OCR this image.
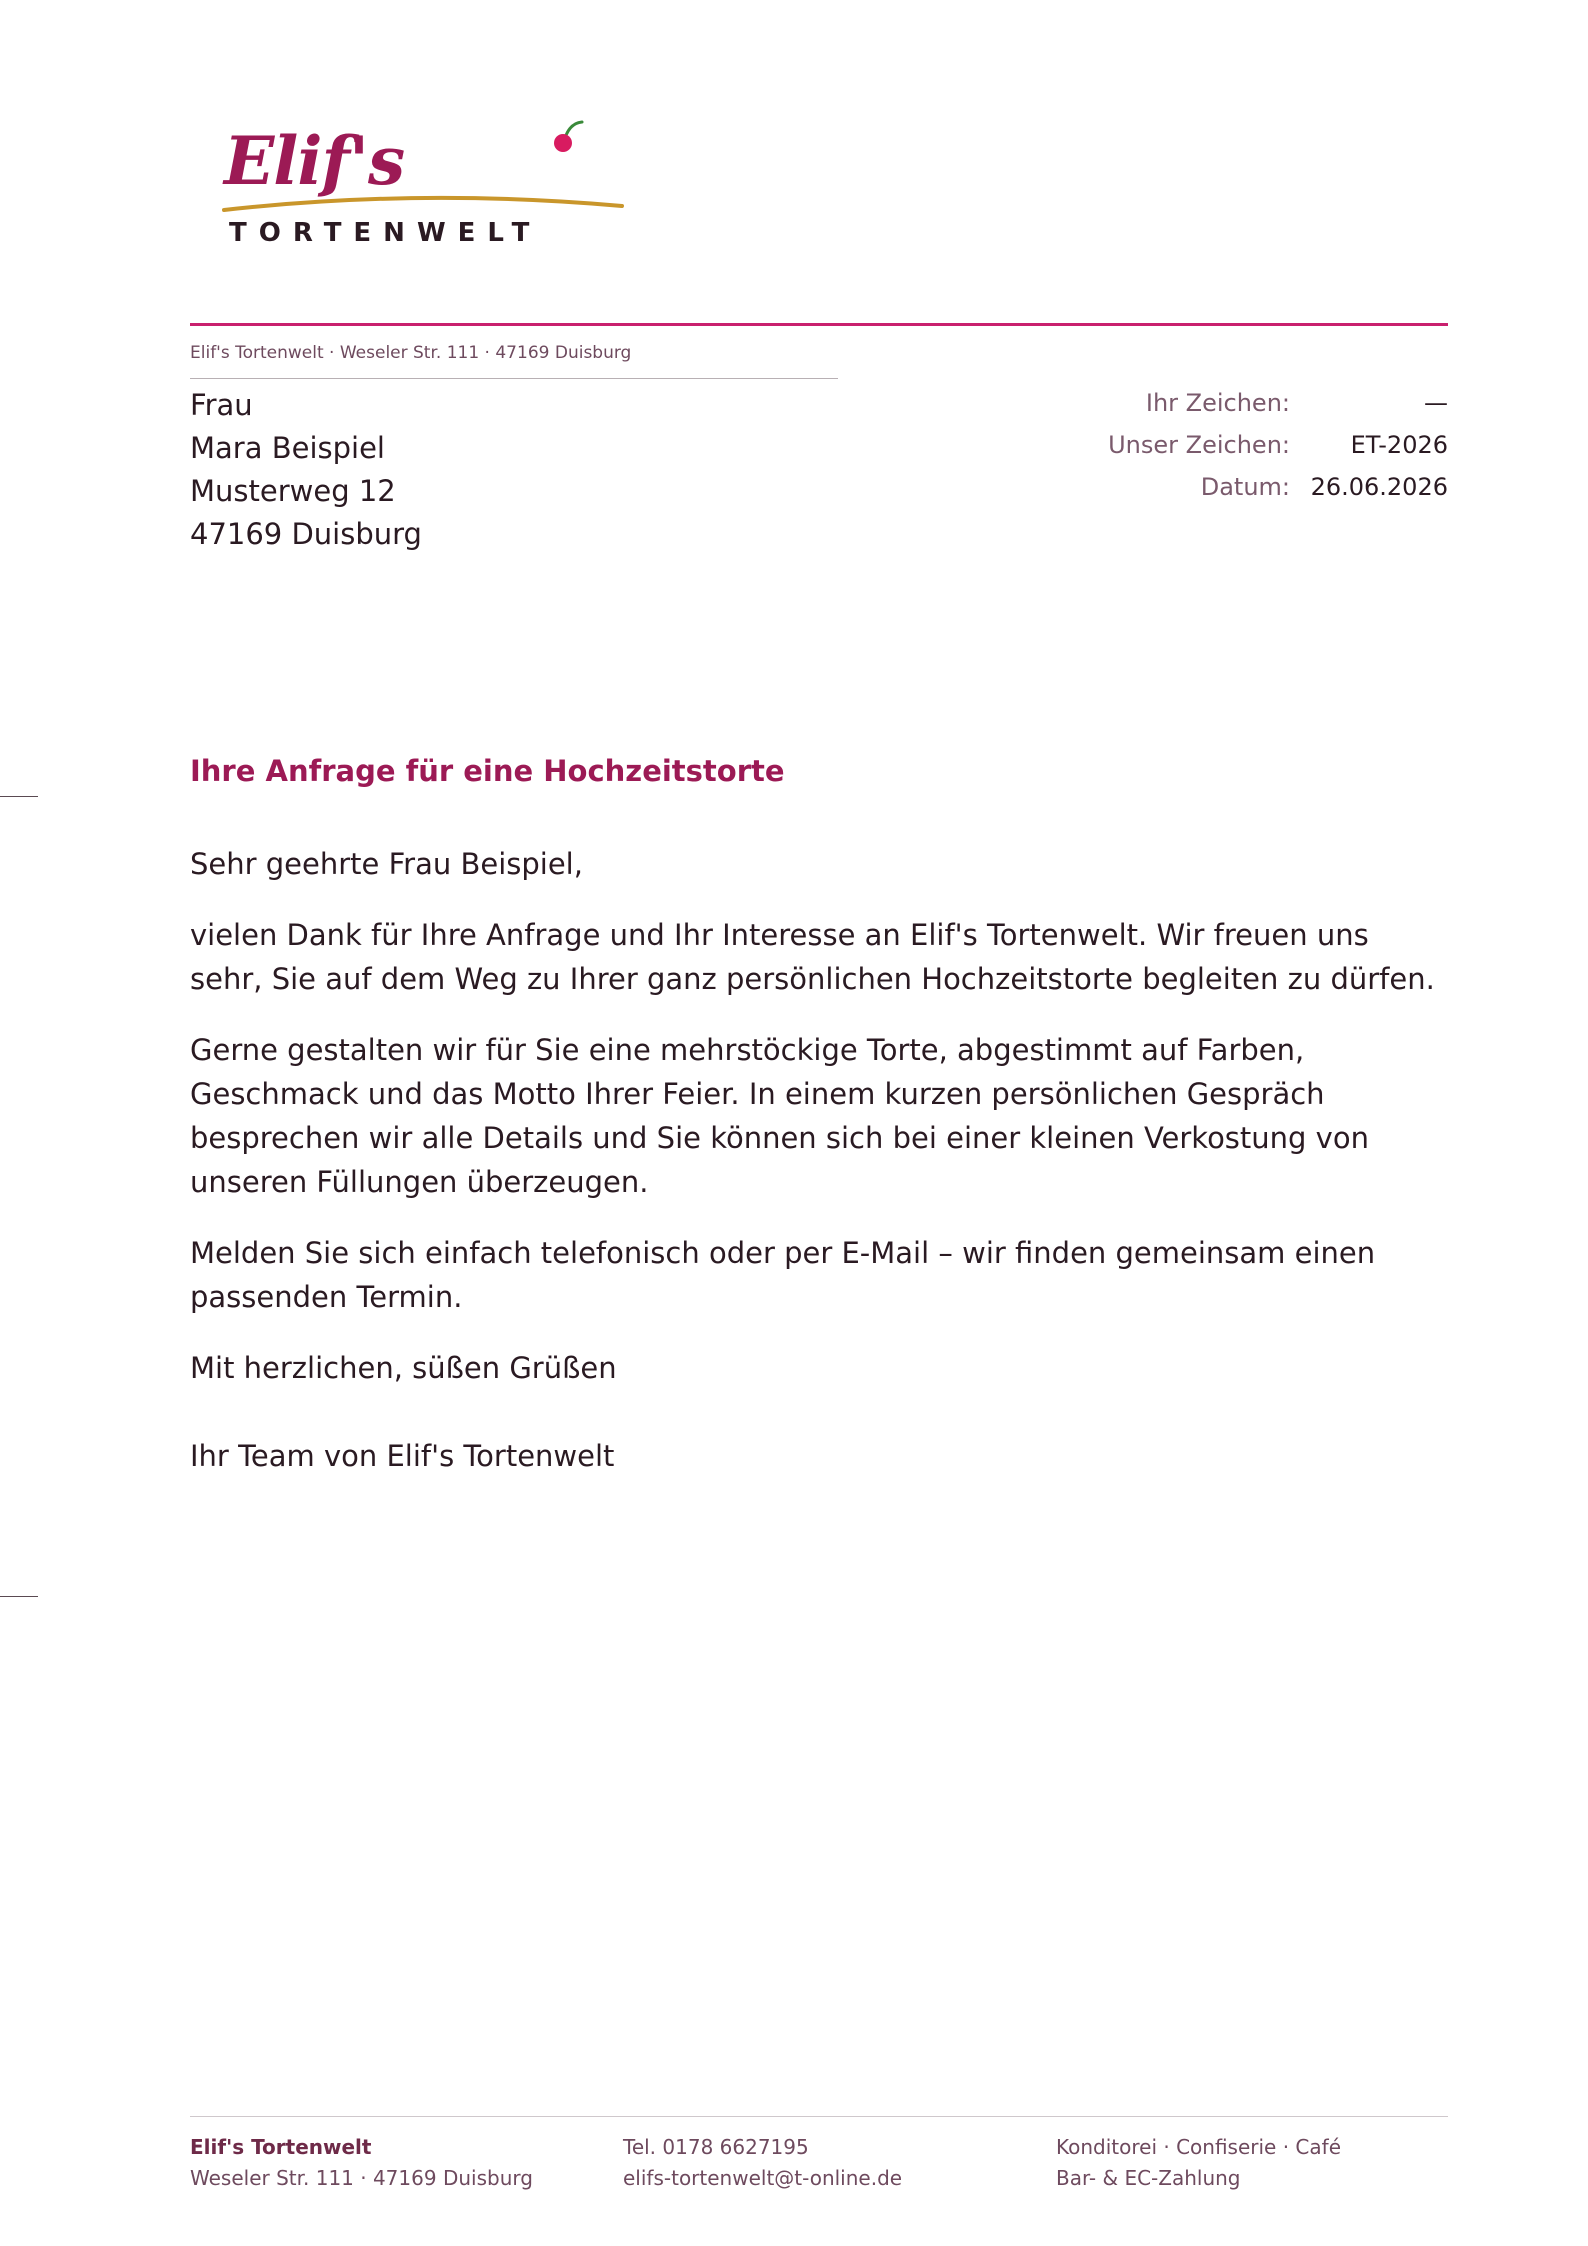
Elif's
TORTENWELT
Elif's Tortenwelt · Weseler Str. 111 · 47169 Duisburg
Frau
Mara Beispiel
Musterweg 12
47169 Duisburg
Ihr Zeichen:	—
Unser Zeichen:	ET-2026
Datum: 26.06.2026
Ihre Anfrage für eine Hochzeitstorte

Sehr geehrte Frau Beispiel,

vielen Dank für Ihre Anfrage und Ihr Interesse an Elif's Tortenwelt. Wir freuen uns sehr, Sie auf dem Weg zu Ihrer ganz persönlichen Hochzeitstorte begleiten zu dürfen.

Gerne gestalten wir für Sie eine mehrstöckige Torte, abgestimmt auf Farben, Geschmack und das Motto Ihrer Feier. In einem kurzen persönlichen Gespräch besprechen wir alle Details und Sie können sich bei einer kleinen Verkostung von unseren Füllungen überzeugen.

Melden Sie sich einfach telefonisch oder per E-Mail – wir finden gemeinsam einen passenden Termin.

Mit herzlichen, süßen Grüßen

Ihr Team von Elif's Tortenwelt

Elif's Tortenwelt
Weseler Str. 111 · 47169 Duisburg
Tel. 0178 6627195
elifs-tortenwelt@t-online.de
Konditorei · Confiserie · Café
Bar- & EC-Zahlung
